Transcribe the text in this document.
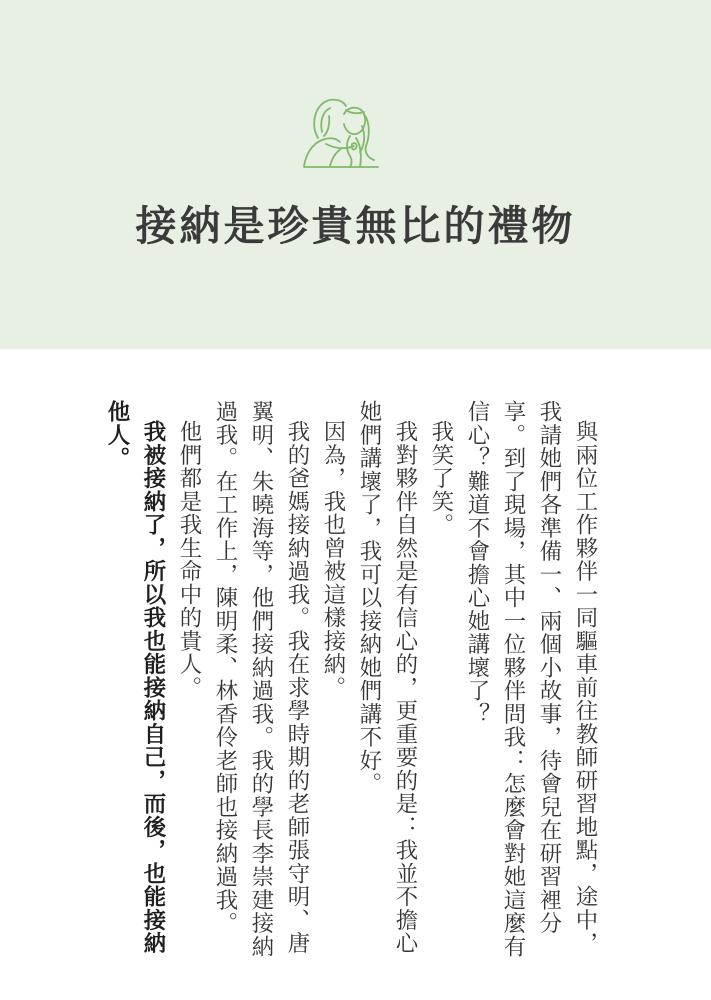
接納是珍貴無比的禮物

與兩位工作夥伴一同驅車前往教師研習地點，途中，我請她們各準備一、兩個小故事，待會兒在研習裡分享。到了現場，其中一位夥伴問我：怎麼會對她這麼有信心？難道不會擔心她講壞了？

我笑了笑。

我對夥伴自然是有信心的，更重要的是：我並不擔心她們講壞了，我可以接納她們講不好。

因為，我也曾被這樣接納。

我的爸媽接納過我。我在求學時期的老師張守明、唐翼明、朱曉海等，他們接納過我。我的學長李崇建接納過我。在工作上，陳明柔、林香伶老師也接納過我。

他們都是我生命中的貴人。

我被接納了，所以我也能接納自己，而後，也能接納他人。
